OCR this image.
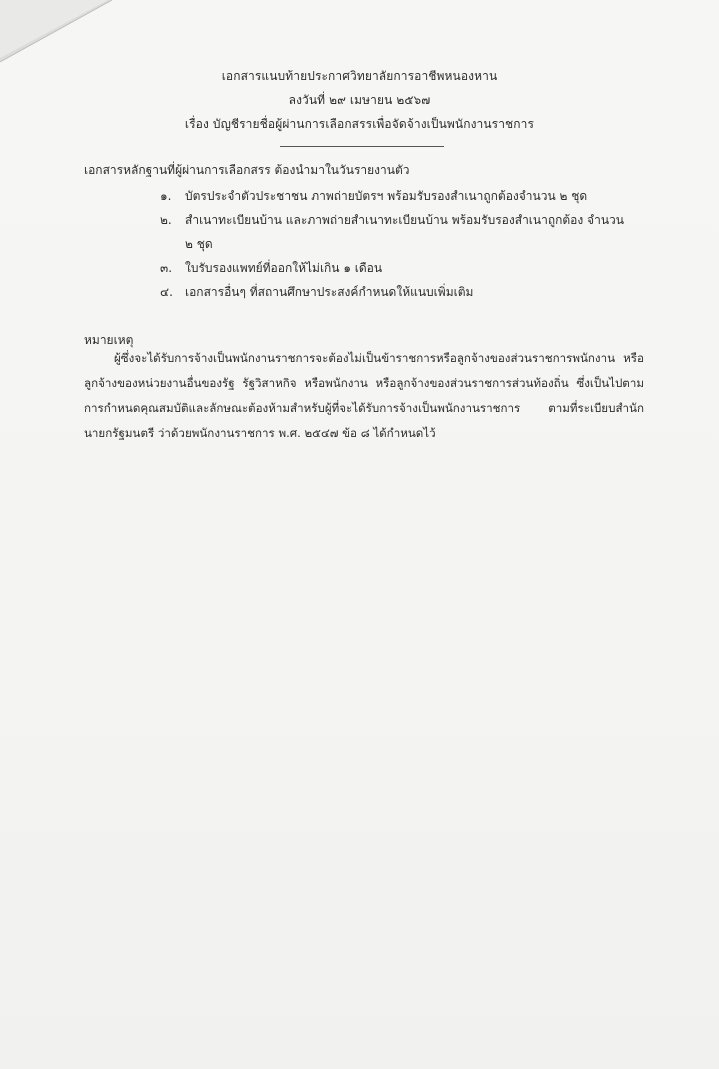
เอกสารแนบท้ายประกาศวิทยาลัยการอาชีพหนองหาน
ลงวันที่ ๒๙ เมษายน ๒๕๖๗
เรื่อง บัญชีรายชื่อผู้ผ่านการเลือกสรรเพื่อจัดจ้างเป็นพนักงานราชการ
เอกสารหลักฐานที่ผู้ผ่านการเลือกสรร ต้องนำมาในวันรายงานตัว
๑. บัตรประจำตัวประชาชน ภาพถ่ายบัตรฯ พร้อมรับรองสำเนาถูกต้องจำนวน ๒ ชุด
๒. สำเนาทะเบียนบ้าน และภาพถ่ายสำเนาทะเบียนบ้าน พร้อมรับรองสำเนาถูกต้อง จำนวน ๒ ชุด
๓. ใบรับรองแพทย์ที่ออกให้ไม่เกิน ๑ เดือน
๔. เอกสารอื่นๆ ที่สถานศึกษาประสงค์กำหนดให้แนบเพิ่มเติม
หมายเหตุ
ผู้ซึ่งจะได้รับการจ้างเป็นพนักงานราชการจะต้องไม่เป็นข้าราชการหรือลูกจ้างของส่วนราชการพนักงาน หรือลูกจ้างของหน่วยงานอื่นของรัฐ รัฐวิสาหกิจ หรือพนักงาน หรือลูกจ้างของส่วนราชการส่วนท้องถิ่น ซึ่งเป็นไปตามการกำหนดคุณสมบัติและลักษณะต้องห้ามสำหรับผู้ที่จะได้รับการจ้างเป็นพนักงานราชการ ตามที่ระเบียบสำนักนายกรัฐมนตรี ว่าด้วยพนักงานราชการ พ.ศ. ๒๕๔๗ ข้อ ๘ ได้กำหนดไว้
